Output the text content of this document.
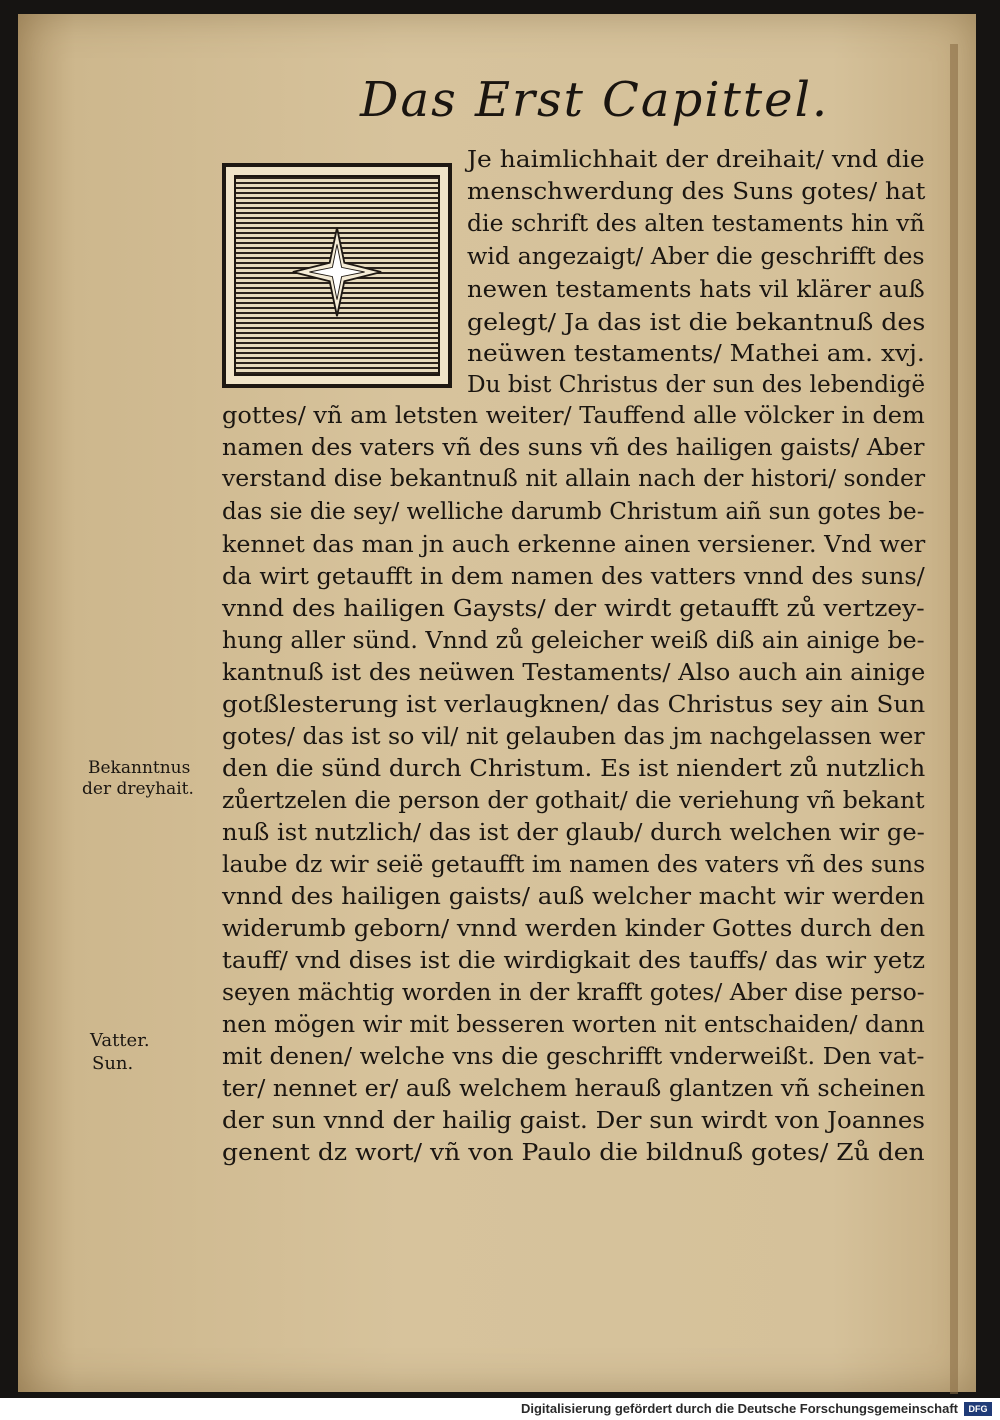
Das Erst Capittel.
Je haimlichhait der dreihait/ vnd die
menschwerdung des Suns gotes/ hat
die schrift des alten testaments hin vñ
wid angezaigt/ Aber die geschrifft des
newen testaments hats vil klärer auß
gelegt/ Ja das ist die bekantnuß des
neüwen testaments/ Mathei am. xvj.
Du bist Christus der sun des lebendigë
gottes/ vñ am letsten weiter/ Tauffend alle völcker in dem
namen des vaters vñ des suns vñ des hailigen gaists/ Aber
verstand dise bekantnuß nit allain nach der histori/ sonder
das sie die sey/ welliche darumb Christum aiñ sun gotes be-
kennet das man jn auch erkenne ainen versiener. Vnd wer
da wirt getaufft in dem namen des vatters vnnd des suns/
vnnd des hailigen Gaysts/ der wirdt getaufft zů vertzey-
hung aller sünd. Vnnd zů geleicher weiß diß ain ainige be-
kantnuß ist des neüwen Testaments/ Also auch ain ainige
gotßlesterung ist verlaugknen/ das Christus sey ain Sun
gotes/ das ist so vil/ nit gelauben das jm nachgelassen wer
den die sünd durch Christum. Es ist niendert zů nutzlich
zůertzelen die person der gothait/ die veriehung vñ bekant
nuß ist nutzlich/ das ist der glaub/ durch welchen wir ge-
laube dz wir seië getaufft im namen des vaters vñ des suns
vnnd des hailigen gaists/ auß welcher macht wir werden
widerumb geborn/ vnnd werden kinder Gottes durch den
tauff/ vnd dises ist die wirdigkait des tauffs/ das wir yetz
seyen mächtig worden in der krafft gotes/ Aber dise perso-
nen mögen wir mit besseren worten nit entschaiden/ dann
mit denen/ welche vns die geschrifft vnderweißt. Den vat-
ter/ nennet er/ auß welchem herauß glantzen vñ scheinen
der sun vnnd der hailig gaist. Der sun wirdt von Joannes
genent dz wort/ vñ von Paulo die bildnuß gotes/ Zů den
Bekanntnus
der dreyhait.
Vatter.
Sun.
Digitalisierung gefördert durch die Deutsche Forschungsgemeinschaft	DFG
